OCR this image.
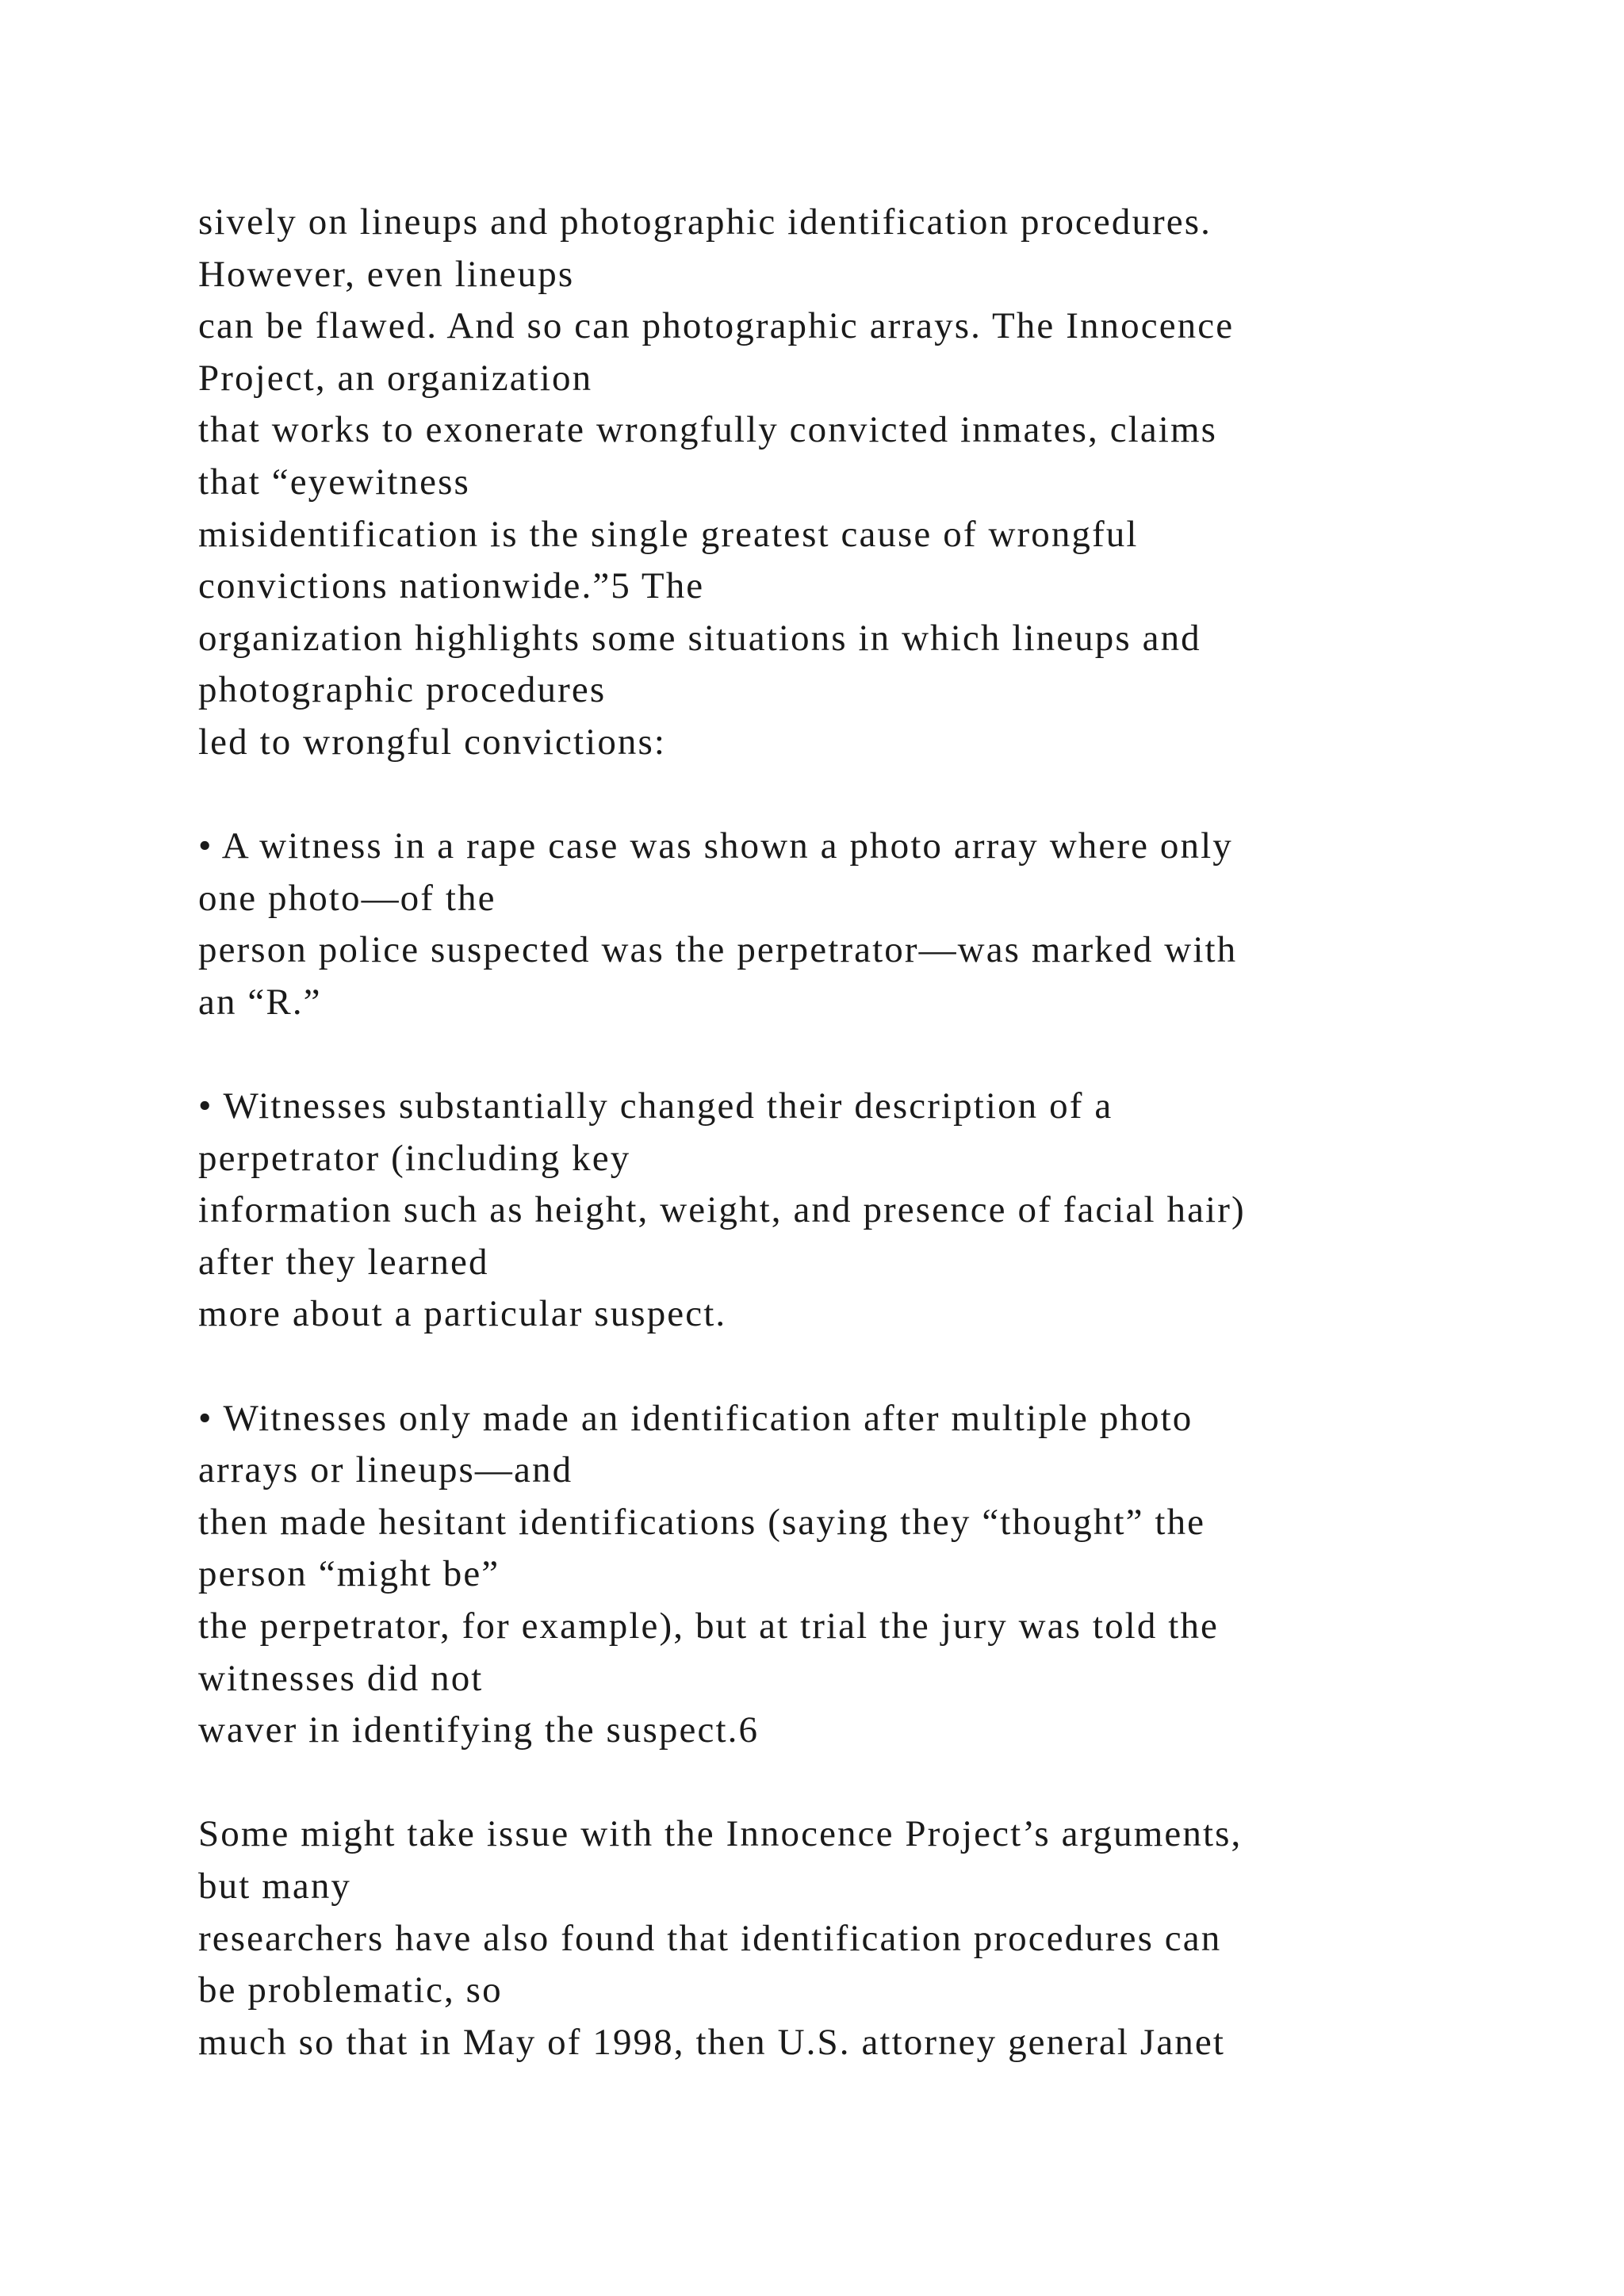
sively on lineups and photographic identification procedures.
However, even lineups
can be flawed. And so can photographic arrays. The Innocence
Project, an organization
that works to exonerate wrongfully convicted inmates, claims
that “eyewitness
misidentification is the single greatest cause of wrongful
convictions nationwide.”5 The
organization highlights some situations in which lineups and
photographic procedures
led to wrongful convictions:
• A witness in a rape case was shown a photo array where only
one photo—of the
person police suspected was the perpetrator—was marked with
an “R.”
• Witnesses substantially changed their description of a
perpetrator (including key
information such as height, weight, and presence of facial hair)
after they learned
more about a particular suspect.
• Witnesses only made an identification after multiple photo
arrays or lineups—and
then made hesitant identifications (saying they “thought” the
person “might be”
the perpetrator, for example), but at trial the jury was told the
witnesses did not
waver in identifying the suspect.6
Some might take issue with the Innocence Project’s arguments,
but many
researchers have also found that identification procedures can
be problematic, so
much so that in May of 1998, then U.S. attorney general Janet
